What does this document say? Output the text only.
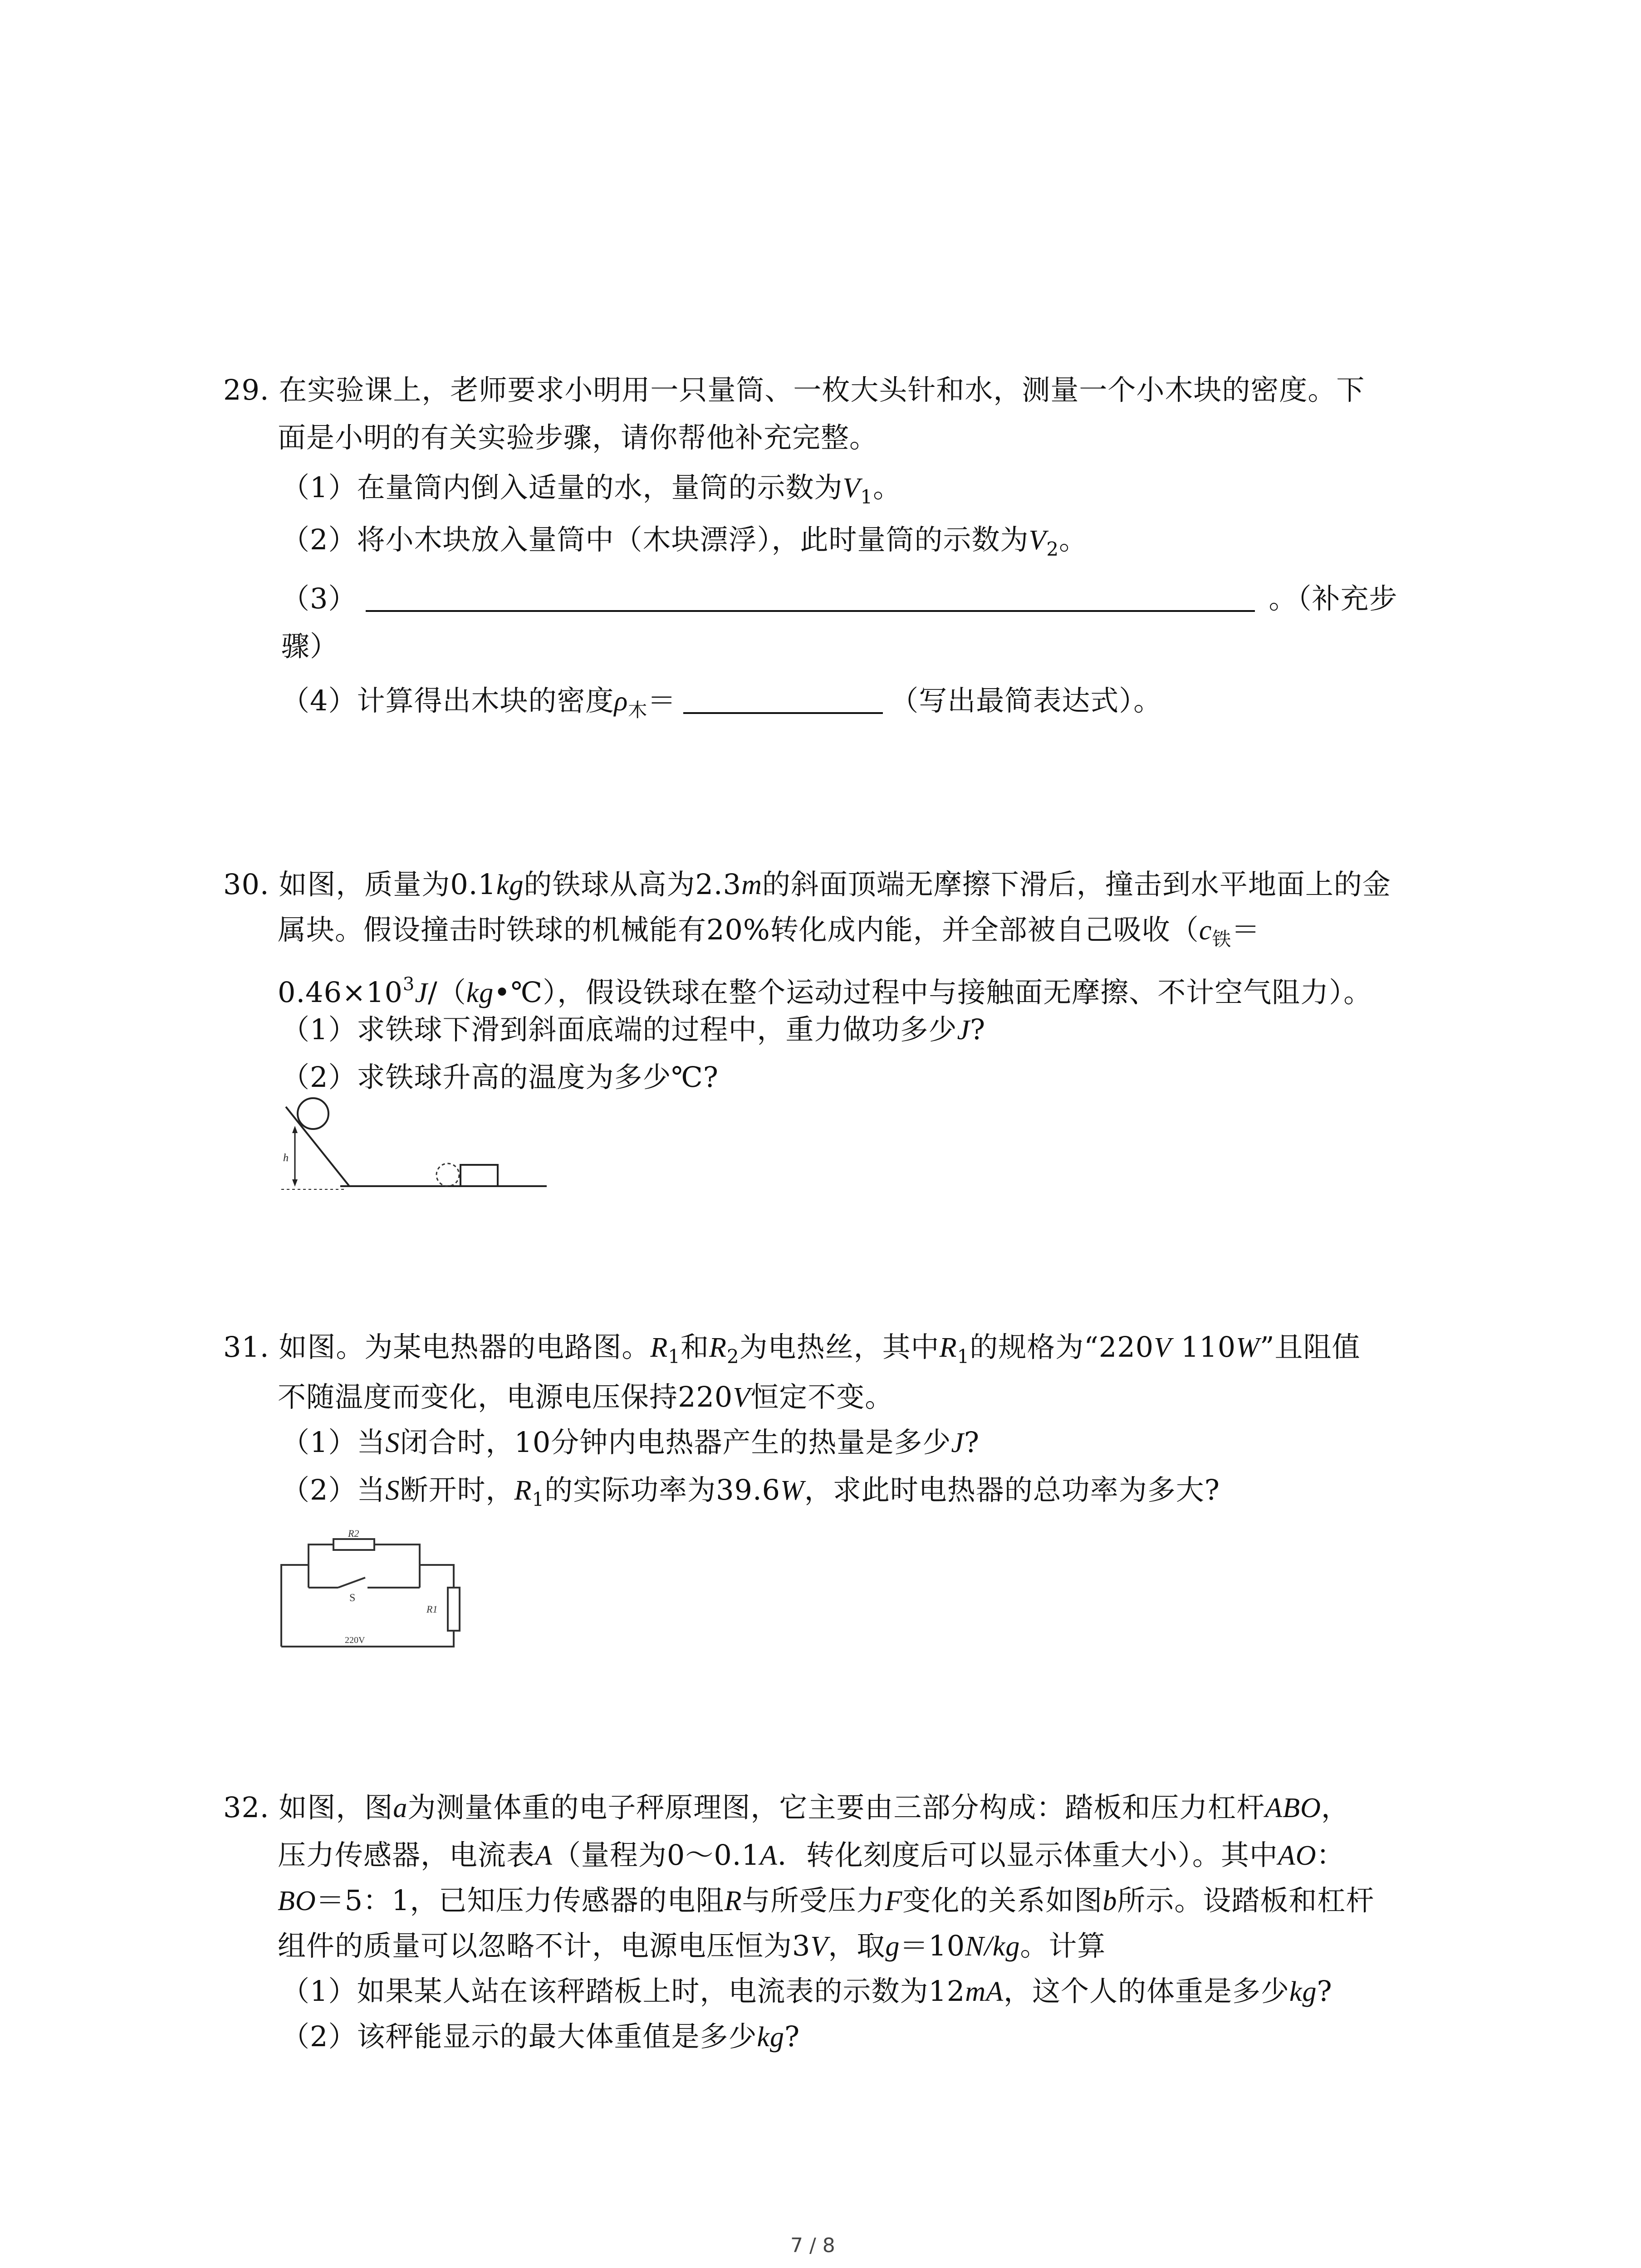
29. 在实验课上，老师要求小明用一只量筒、一枚大头针和水，测量一个小木块的密度。下
面是小明的有关实验步骤，请你帮他补充完整。
（1）在量筒内倒入适量的水，量筒的示数为$V_1$。
（2）将小木块放入量筒中（木块漂浮），此时量筒的示数为$V_2$。
（3）	。（补充步
骤）
（4）计算得出木块的密度$\rho_木=$	（写出最简表达式）。
30. 如图，质量为0.1kg的铁球从高为2.3m的斜面顶端无摩擦下滑后，撞击到水平地面上的金
属块。假设撞击时铁球的机械能有20%转化成内能，并全部被自己吸收（$c_铁=$
$0.46\times 10^3J/(kg•℃)$，假设铁球在整个运动过程中与接触面无摩擦、不计空气阻力）。
（1）求铁球下滑到斜面底端的过程中，重力做功多少J?
（2）求铁球升高的温度为多少℃?
h
31. 如图。为某电热器的电路图。$R_1$和$R_2$为电热丝，其中$R_1$的规格为“220V 110W”且阻值
不随温度而变化，电源电压保持220V恒定不变。
（1）当S闭合时，10分钟内电热器产生的热量是多少J?
（2）当S断开时，$R_1$的实际功率为39.6W，求此时电热器的总功率为多大?
R2
S
R1
220V
32. 如图，图a为测量体重的电子秤原理图，它主要由三部分构成：踏板和压力杠杆ABO，
压力传感器，电流表A（量程为0～0.1A．转化刻度后可以显示体重大小）。其中AO：
BO＝5：1，已知压力传感器的电阻R与所受压力F变化的关系如图b所示。设踏板和杠杆
组件的质量可以忽略不计，电源电压恒为3V，取g＝10N/kg。计算
（1）如果某人站在该秤踏板上时，电流表的示数为12mA，这个人的体重是多少kg?
（2）该秤能显示的最大体重值是多少kg?
7 / 8
